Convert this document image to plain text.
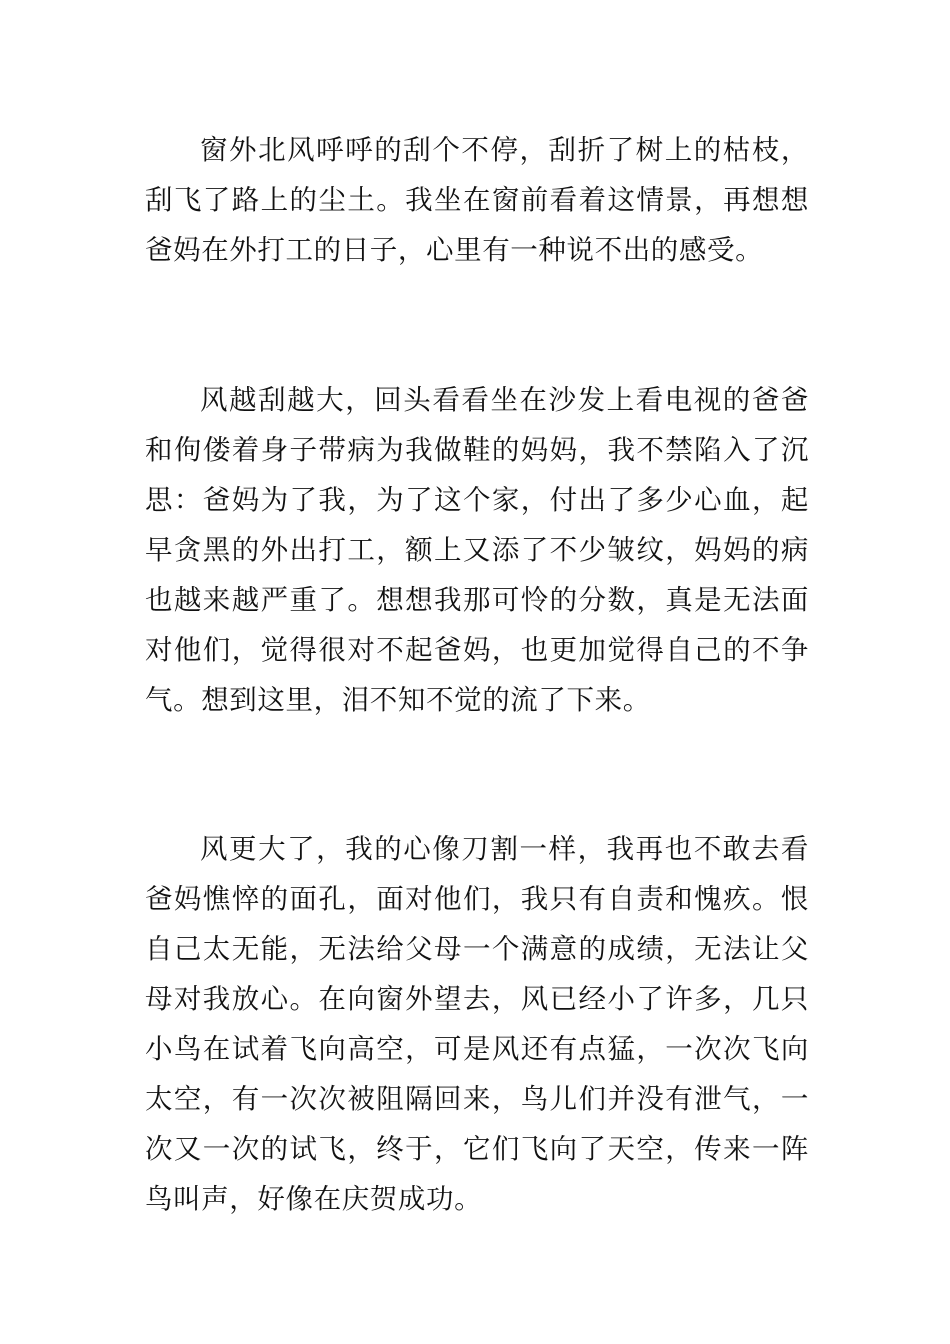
窗外北风呼呼的刮个不停，刮折了树上的枯枝，刮飞了路上的尘土。我坐在窗前看着这情景，再想想爸妈在外打工的日子，心里有一种说不出的感受。

风越刮越大，回头看看坐在沙发上看电视的爸爸和佝偻着身子带病为我做鞋的妈妈，我不禁陷入了沉思：爸妈为了我，为了这个家，付出了多少心血，起早贪黑的外出打工，额上又添了不少皱纹，妈妈的病也越来越严重了。想想我那可怜的分数，真是无法面对他们，觉得很对不起爸妈，也更加觉得自己的不争气。想到这里，泪不知不觉的流了下来。

风更大了，我的心像刀割一样，我再也不敢去看爸妈憔悴的面孔，面对他们，我只有自责和愧疚。恨自己太无能，无法给父母一个满意的成绩，无法让父母对我放心。在向窗外望去，风已经小了许多，几只小鸟在试着飞向高空，可是风还有点猛，一次次飞向太空，有一次次被阻隔回来，鸟儿们并没有泄气，一次又一次的试飞，终于，它们飞向了天空，传来一阵鸟叫声，好像在庆贺成功。
